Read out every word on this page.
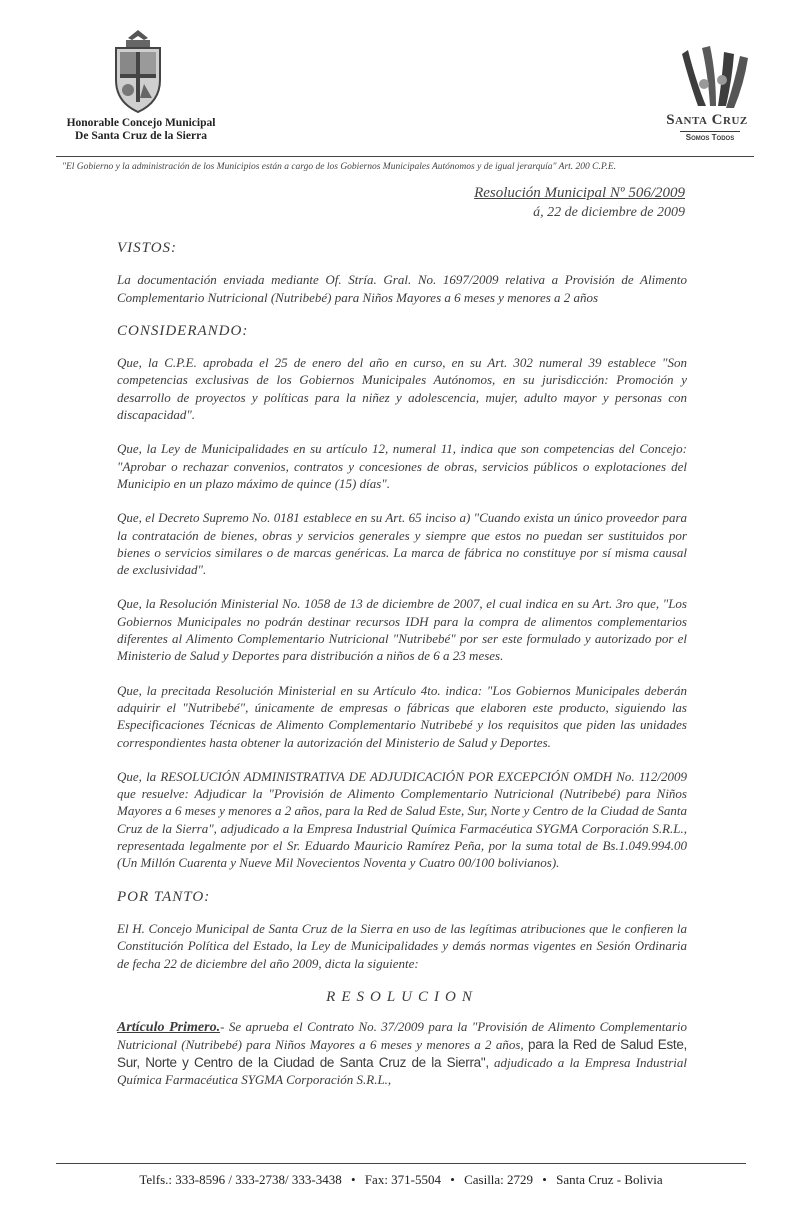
Honorable Concejo Municipal
De Santa Cruz de la Sierra
Santa Cruz
Somos Todos
"El Gobierno y la administración de los Municipios están a cargo de los Gobiernos Municipales Autónomos y de igual jerarquía" Art. 200 C.P.E.
Resolución Municipal Nº 506/2009
á, 22 de diciembre de 2009
VISTOS:

La documentación enviada mediante Of. Stría. Gral. No. 1697/2009 relativa a Provisión de Alimento Complementario Nutricional (Nutribebé) para Niños Mayores a 6 meses y menores a 2 años

CONSIDERANDO:

Que, la C.P.E. aprobada el 25 de enero del año en curso, en su Art. 302 numeral 39 establece "Son competencias exclusivas de los Gobiernos Municipales Autónomos, en su jurisdicción: Promoción y desarrollo de proyectos y políticas para la niñez y adolescencia, mujer, adulto mayor y personas con discapacidad".

Que, la Ley de Municipalidades en su artículo 12, numeral 11, indica que son competencias del Concejo: "Aprobar o rechazar convenios, contratos y concesiones de obras, servicios públicos o explotaciones del Municipio en un plazo máximo de quince (15) días".

Que, el Decreto Supremo No. 0181 establece en su Art. 65 inciso a) "Cuando exista un único proveedor para la contratación de bienes, obras y servicios generales y siempre que estos no puedan ser sustituidos por bienes o servicios similares o de marcas genéricas. La marca de fábrica no constituye por sí misma causal de exclusividad".

Que, la Resolución Ministerial No. 1058 de 13 de diciembre de 2007, el cual indica en su Art. 3ro que, "Los Gobiernos Municipales no podrán destinar recursos IDH para la compra de alimentos complementarios diferentes al Alimento Complementario Nutricional "Nutribebé" por ser este formulado y autorizado por el Ministerio de Salud y Deportes para distribución a niños de 6 a 23 meses.

Que, la precitada Resolución Ministerial en su Artículo 4to. indica: "Los Gobiernos Municipales deberán adquirir el "Nutribebé", únicamente de empresas o fábricas que elaboren este producto, siguiendo las Especificaciones Técnicas de Alimento Complementario Nutribebé y los requisitos que piden las unidades correspondientes hasta obtener la autorización del Ministerio de Salud y Deportes.

Que, la RESOLUCIÓN ADMINISTRATIVA DE ADJUDICACIÓN POR EXCEPCIÓN OMDH No. 112/2009 que resuelve: Adjudicar la "Provisión de Alimento Complementario Nutricional (Nutribebé) para Niños Mayores a 6 meses y menores a 2 años, para la Red de Salud Este, Sur, Norte y Centro de la Ciudad de Santa Cruz de la Sierra", adjudicado a la Empresa Industrial Química Farmacéutica SYGMA Corporación S.R.L., representada legalmente por el Sr. Eduardo Mauricio Ramírez Peña, por la suma total de Bs.1.049.994.00 (Un Millón Cuarenta y Nueve Mil Novecientos Noventa y Cuatro 00/100 bolivianos).

POR TANTO:

El H. Concejo Municipal de Santa Cruz de la Sierra en uso de las legítimas atribuciones que le confieren la Constitución Política del Estado, la Ley de Municipalidades y demás normas vigentes en Sesión Ordinaria de fecha 22 de diciembre del año 2009, dicta la siguiente:

RESOLUCION

Artículo Primero.- Se aprueba el Contrato No. 37/2009 para la "Provisión de Alimento Complementario Nutricional (Nutribebé) para Niños Mayores a 6 meses y menores a 2 años, para la Red de Salud Este, Sur, Norte y Centro de la Ciudad de Santa Cruz de la Sierra", adjudicado a la Empresa Industrial Química Farmacéutica SYGMA Corporación S.R.L.,

Telfs.: 333-8596 / 333-2738/ 333-3438 • Fax: 371-5504 • Casilla: 2729 • Santa Cruz - Bolivia
